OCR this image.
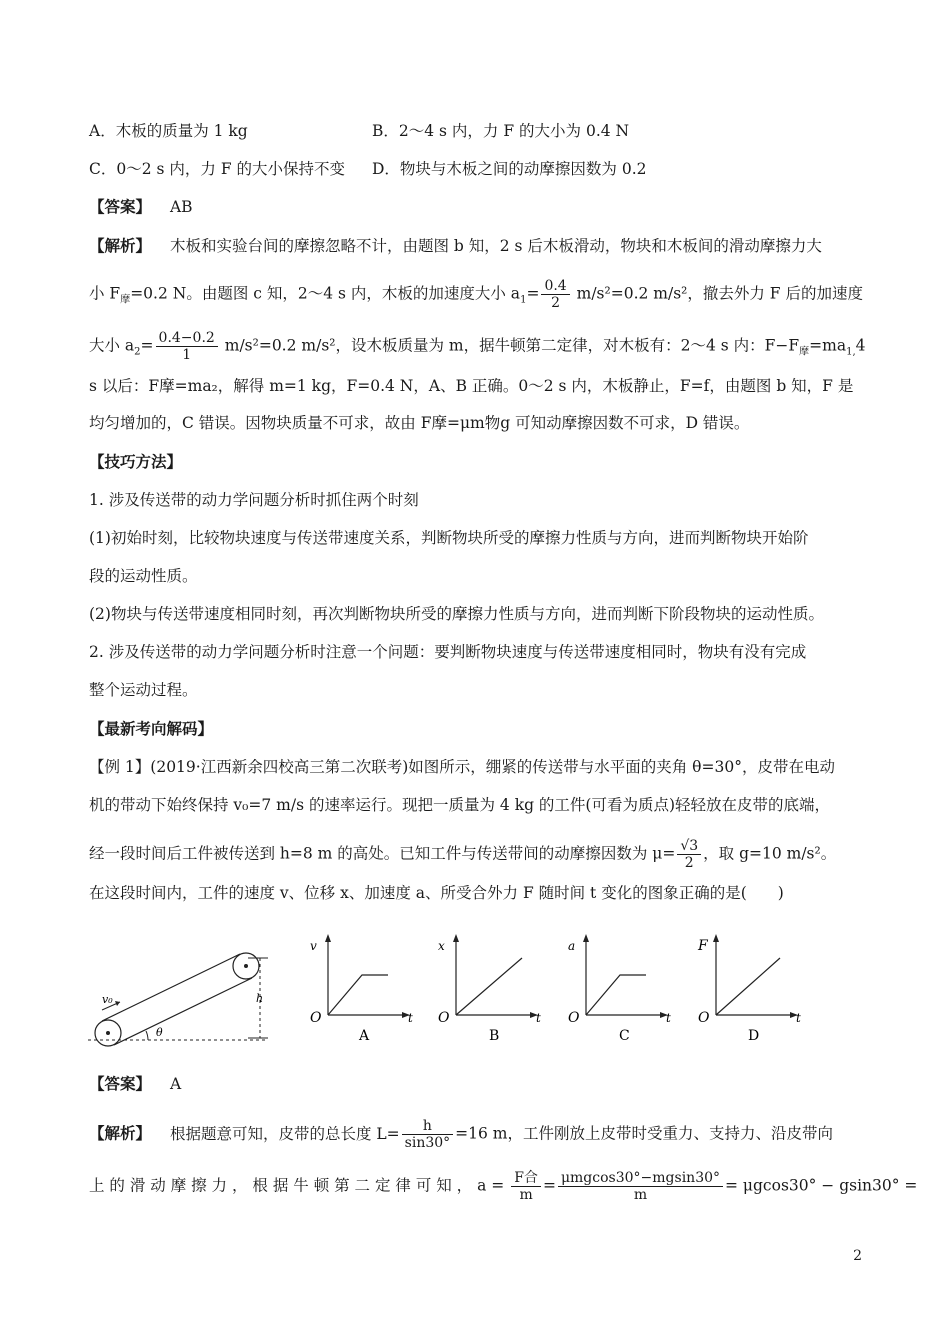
A．木板的质量为 1 kg	B．2～4 s 内，力 F 的大小为 0.4 N
C．0～2 s 内，力 F 的大小保持不变 D．物块与木板之间的动摩擦因数为 0.2
【答案】 AB
【解析】 木板和实验台间的摩擦忽略不计，由题图 b 知，2 s 后木板滑动，物块和木板间的滑动摩擦力大
小 $F_摩=0.2$ N。由题图 c 知，2～4 s 内，木板的加速度大小 $a_1= \frac{0.4}{2} m/s^2=0.2$ m/s²，撤去外力 F 后的加速度
大小 $a_2= \frac{0.4-0.2}{1} m/s^2=0.2$ m/s²，设木板质量为 m，据牛顿第二定律，对木板有：2～4 s 内：$F-F_摩=ma_{1,}4$
s 以后：F摩=ma₂，解得 m=1 kg，F=0.4 N，A、B 正确。0～2 s 内，木板静止，F=f，由题图 b 知，F 是
均匀增加的，C 错误。因物块质量不可求，故由 F摩=μm物g 可知动摩擦因数不可求，D 错误。
【技巧方法】
1. 涉及传送带的动力学问题分析时抓住两个时刻
(1)初始时刻，比较物块速度与传送带速度关系，判断物块所受的摩擦力性质与方向，进而判断物块开始阶
段的运动性质。
(2)物块与传送带速度相同时刻，再次判断物块所受的摩擦力性质与方向，进而判断下阶段物块的运动性质。
2. 涉及传送带的动力学问题分析时注意一个问题：要判断物块速度与传送带速度相同时，物块有没有完成
整个运动过程。
【最新考向解码】
【例 1】(2019·江西新余四校高三第二次联考)如图所示，绷紧的传送带与水平面的夹角 θ=30°，皮带在电动
机的带动下始终保持 v₀=7 m/s 的速率运行。现把一质量为 4 kg 的工件(可看为质点)轻轻放在皮带的底端，
经一段时间后工件被传送到 h=8 m 的高处。已知工件与传送带间的动摩擦因数为 $\mu= \frac{√3}{2}$ ，取 g=10 m/s²。
在这段时间内，工件的速度 v、位移 x、加速度 a、所受合外力 F 随时间 t 变化的图象正确的是(　　)
v₀
θ
h
v
O	t
A
x
O	t
B
a
O	t
C
F
O	t
D
【答案】 A
【解析】 根据题意可知，皮带的总长度 $L= \frac{h}{\sin 30^\circ} =16$ m，工件刚放上皮带时受重力、支持力、沿皮带向
上 的 滑 动 摩 擦 力 ， 根 据 牛 顿 第 二 定 律 可 知 ， $a = \frac{\text{F合}}{m} = \frac{\text{μmgcos30°−mgsin30°}}{m} = \mu gcos30^\circ - gsin30^\circ$ =
2
